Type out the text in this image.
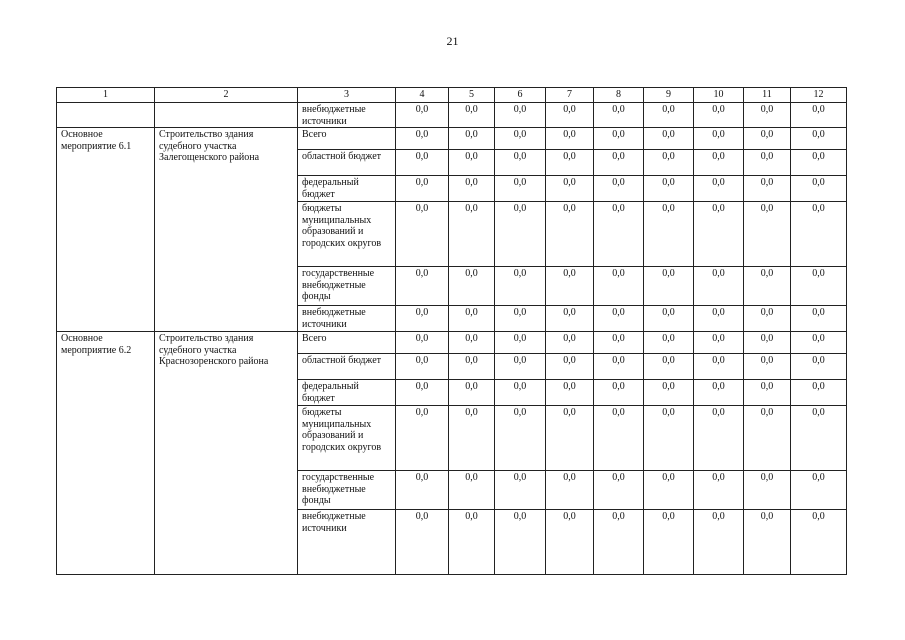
21
1	2	3	4	5	6	7	8	9	10	11	12
		внебюджетные источники	0,0	0,0	0,0	0,0	0,0	0,0	0,0	0,0	0,0
Основное мероприятие 6.1	Строительство здания судебного участка Залегощенского района	Всего	0,0	0,0	0,0	0,0	0,0	0,0	0,0	0,0	0,0
		областной бюджет	0,0	0,0	0,0	0,0	0,0	0,0	0,0	0,0	0,0
		федеральный бюджет	0,0	0,0	0,0	0,0	0,0	0,0	0,0	0,0	0,0
		бюджеты муниципальных образований и городских округов	0,0	0,0	0,0	0,0	0,0	0,0	0,0	0,0	0,0
		государственные внебюджетные фонды	0,0	0,0	0,0	0,0	0,0	0,0	0,0	0,0	0,0
		внебюджетные источники	0,0	0,0	0,0	0,0	0,0	0,0	0,0	0,0	0,0
Основное мероприятие 6.2	Строительство здания судебного участка Краснозоренского района	Всего	0,0	0,0	0,0	0,0	0,0	0,0	0,0	0,0	0,0
		областной бюджет	0,0	0,0	0,0	0,0	0,0	0,0	0,0	0,0	0,0
		федеральный бюджет	0,0	0,0	0,0	0,0	0,0	0,0	0,0	0,0	0,0
		бюджеты муниципальных образований и городских округов	0,0	0,0	0,0	0,0	0,0	0,0	0,0	0,0	0,0
		государственные внебюджетные фонды	0,0	0,0	0,0	0,0	0,0	0,0	0,0	0,0	0,0
		внебюджетные источники	0,0	0,0	0,0	0,0	0,0	0,0	0,0	0,0	0,0
